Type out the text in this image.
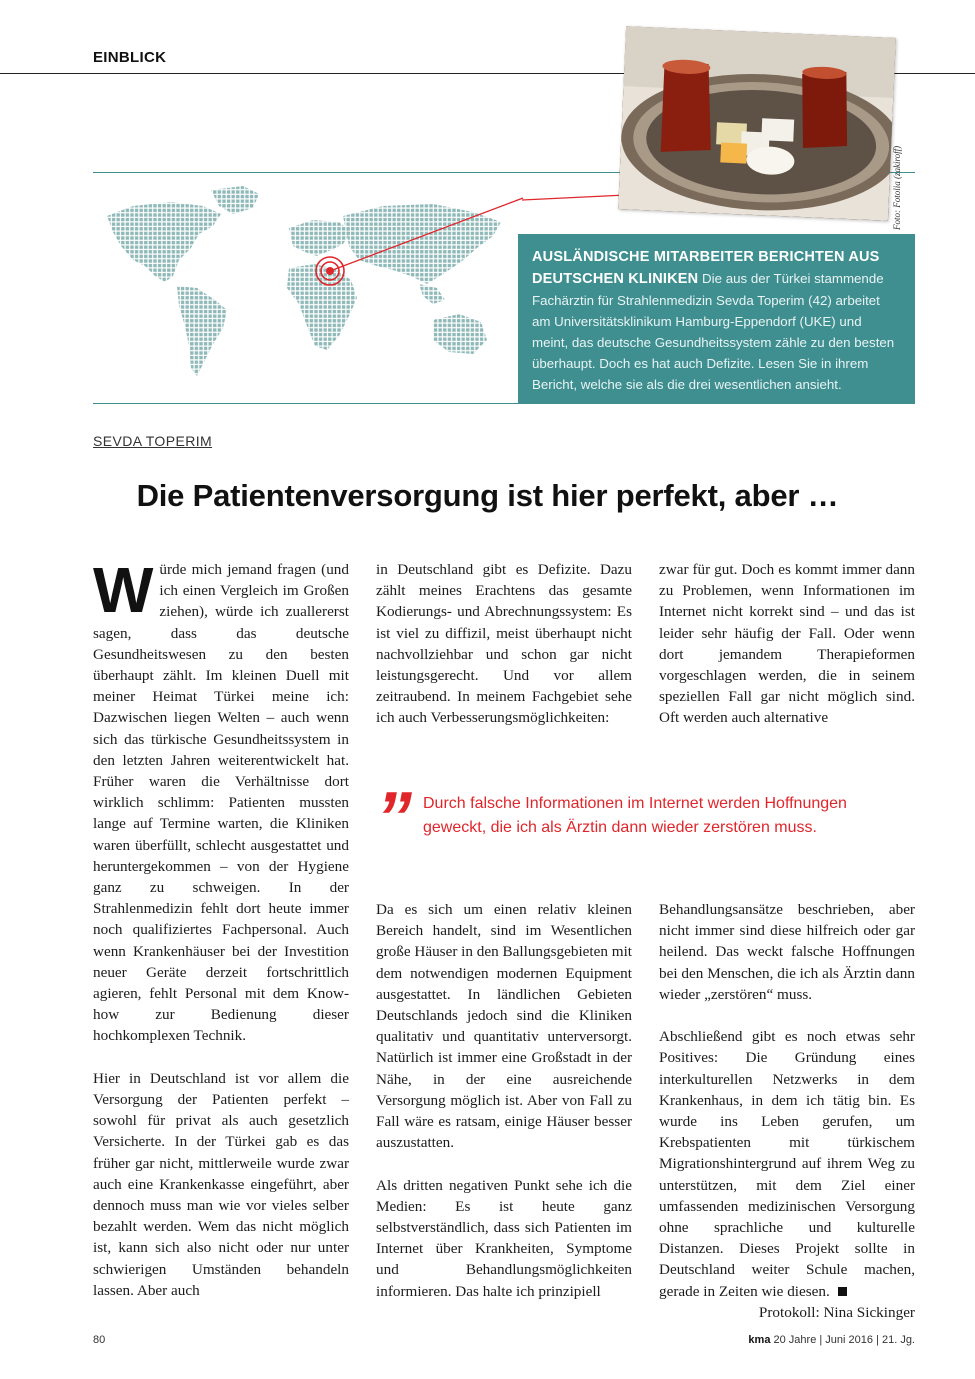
EINBLICK
Foto: Fotolia (zakiroff)
AUSLÄNDISCHE MITARBEITER BERICHTEN AUS DEUTSCHEN KLINIKEN Die aus der Türkei stammende Fachärztin für Strahlenmedizin Sevda Toperim (42) arbeitet am Universitätsklinikum Hamburg-Eppendorf (UKE) und meint, das deutsche Gesundheitssystem zähle zu den besten überhaupt. Doch es hat auch Defizite. Lesen Sie in ihrem Bericht, welche sie als die drei wesentlichen ansieht.
SEVDA TOPERIM
Die Patientenversorgung ist hier perfekt, aber …

Würde mich jemand fragen (und ich einen Vergleich im Großen ziehen), würde ich zuallererst sagen, dass das deutsche Gesundheitswesen zu den besten überhaupt zählt. Im kleinen Duell mit meiner Heimat Türkei meine ich: Dazwischen liegen Welten – auch wenn sich das türkische Gesundheitssystem in den letzten Jahren weiterentwickelt hat. Früher waren die Verhältnisse dort wirklich schlimm: Patienten mussten lange auf Termine warten, die Kliniken waren überfüllt, schlecht ausgestattet und heruntergekommen – von der Hygiene ganz zu schweigen. In der Strahlenmedizin fehlt dort heute immer noch qualifiziertes Fachpersonal. Auch wenn Krankenhäuser bei der Investition neuer Geräte derzeit fortschrittlich agieren, fehlt Personal mit dem Know-how zur Bedienung dieser hochkomplexen Technik.

Hier in Deutschland ist vor allem die Versorgung der Patienten perfekt – sowohl für privat als auch gesetzlich Versicherte. In der Türkei gab es das früher gar nicht, mittlerweile wurde zwar auch eine Krankenkasse eingeführt, aber dennoch muss man wie vor vieles selber bezahlt werden. Wem das nicht möglich ist, kann sich also nicht oder nur unter schwierigen Umständen behandeln lassen. Aber auch

in Deutschland gibt es Defizite. Dazu zählt meines Erachtens das gesamte Kodierungs- und Abrechnungssystem: Es ist viel zu diffizil, meist überhaupt nicht nachvollziehbar und schon gar nicht leistungsgerecht. Und vor allem zeitraubend. In meinem Fachgebiet sehe ich auch Verbesserungsmöglichkeiten:

zwar für gut. Doch es kommt immer dann zu Problemen, wenn Informationen im Internet nicht korrekt sind – und das ist leider sehr häufig der Fall. Oder wenn dort jemandem Therapieformen vorgeschlagen werden, die in seinem speziellen Fall gar nicht möglich sind. Oft werden auch alternative

” Durch falsche Informationen im Internet werden Hoffnungen geweckt, die ich als Ärztin dann wieder zerstören muss.

Da es sich um einen relativ kleinen Bereich handelt, sind im Wesentlichen große Häuser in den Ballungsgebieten mit dem notwendigen modernen Equipment ausgestattet. In ländlichen Gebieten Deutschlands jedoch sind die Kliniken qualitativ und quantitativ unterversorgt. Natürlich ist immer eine Großstadt in der Nähe, in der eine ausreichende Versorgung möglich ist. Aber von Fall zu Fall wäre es ratsam, einige Häuser besser auszustatten.

Als dritten negativen Punkt sehe ich die Medien: Es ist heute ganz selbstverständlich, dass sich Patienten im Internet über Krankheiten, Symptome und Behandlungsmöglichkeiten informieren. Das halte ich prinzipiell

Behandlungsansätze beschrieben, aber nicht immer sind diese hilfreich oder gar heilend. Das weckt falsche Hoffnungen bei den Menschen, die ich als Ärztin dann wieder „zerstören“ muss.

Abschließend gibt es noch etwas sehr Positives: Die Gründung eines interkulturellen Netzwerks in dem Krankenhaus, in dem ich tätig bin. Es wurde ins Leben gerufen, um Krebspatienten mit türkischem Migrationshintergrund auf ihrem Weg zu unterstützen, mit dem Ziel einer umfassenden medizinischen Versorgung ohne sprachliche und kulturelle Distanzen. Dieses Projekt sollte in Deutschland weiter Schule machen, gerade in Zeiten wie diesen.

Protokoll: Nina Sickinger
80	kma 20 Jahre | Juni 2016 | 21. Jg.
